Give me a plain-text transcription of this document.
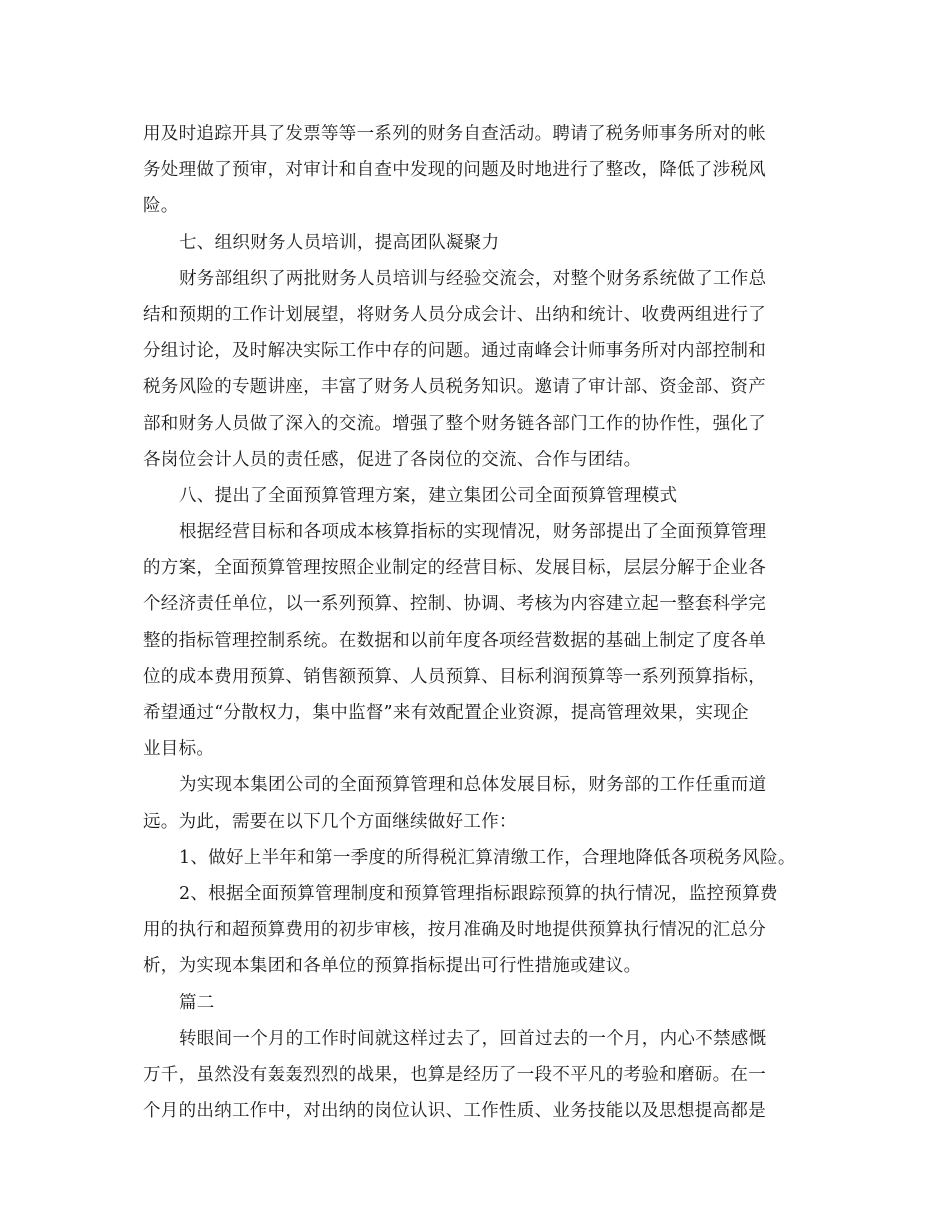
用及时追踪开具了发票等等一系列的财务自查活动。聘请了税务师事务所对的帐
务处理做了预审，对审计和自查中发现的问题及时地进行了整改，降低了涉税风
险。
七、组织财务人员培训，提高团队凝聚力
财务部组织了两批财务人员培训与经验交流会，对整个财务系统做了工作总
结和预期的工作计划展望，将财务人员分成会计、出纳和统计、收费两组进行了
分组讨论，及时解决实际工作中存的问题。通过南峰会计师事务所对内部控制和
税务风险的专题讲座，丰富了财务人员税务知识。邀请了审计部、资金部、资产
部和财务人员做了深入的交流。增强了整个财务链各部门工作的协作性，强化了
各岗位会计人员的责任感，促进了各岗位的交流、合作与团结。
八、提出了全面预算管理方案，建立集团公司全面预算管理模式
根据经营目标和各项成本核算指标的实现情况，财务部提出了全面预算管理
的方案，全面预算管理按照企业制定的经营目标、发展目标，层层分解于企业各
个经济责任单位，以一系列预算、控制、协调、考核为内容建立起一整套科学完
整的指标管理控制系统。在数据和以前年度各项经营数据的基础上制定了度各单
位的成本费用预算、销售额预算、人员预算、目标利润预算等一系列预算指标，
希望通过“分散权力，集中监督”来有效配置企业资源，提高管理效果，实现企
业目标。
为实现本集团公司的全面预算管理和总体发展目标，财务部的工作任重而道
远。为此，需要在以下几个方面继续做好工作：
1、做好上半年和第一季度的所得税汇算清缴工作，合理地降低各项税务风险。
2、根据全面预算管理制度和预算管理指标跟踪预算的执行情况，监控预算费
用的执行和超预算费用的初步审核，按月准确及时地提供预算执行情况的汇总分
析，为实现本集团和各单位的预算指标提出可行性措施或建议。
篇二
转眼间一个月的工作时间就这样过去了，回首过去的一个月，内心不禁感慨
万千，虽然没有轰轰烈烈的战果，也算是经历了一段不平凡的考验和磨砺。在一
个月的出纳工作中，对出纳的岗位认识、工作性质、业务技能以及思想提高都是
